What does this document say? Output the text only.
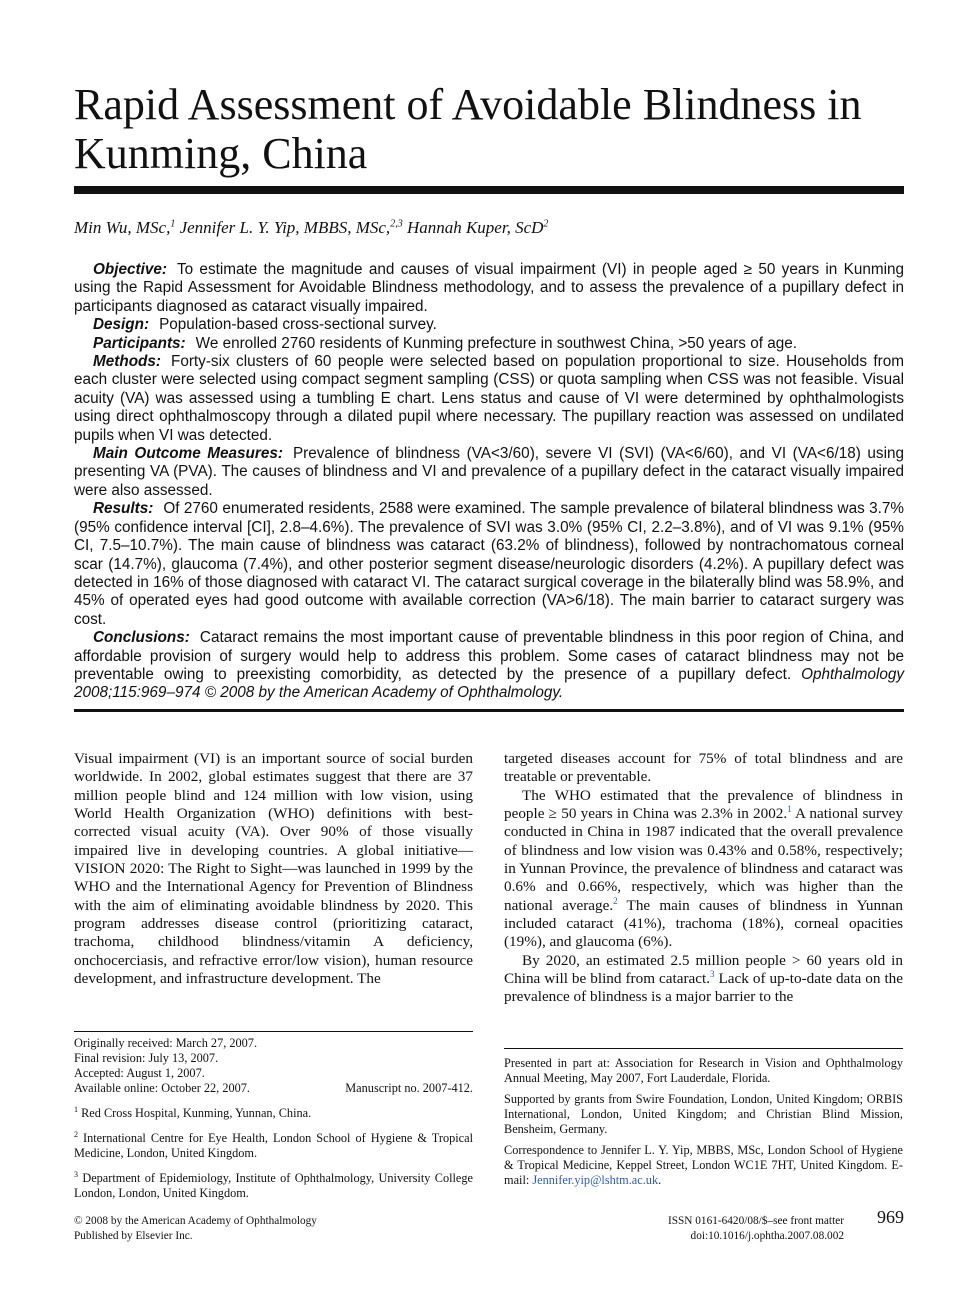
Rapid Assessment of Avoidable Blindness in Kunming, China
Min Wu, MSc,$^1$ Jennifer L. Y. Yip, MBBS, MSc,$^{2,3}$ Hannah Kuper, ScD$^2$

Objective: To estimate the magnitude and causes of visual impairment (VI) in people aged ≥ 50 years in Kunming using the Rapid Assessment for Avoidable Blindness methodology, and to assess the prevalence of a pupillary defect in participants diagnosed as cataract visually impaired.

Design: Population-based cross-sectional survey.

Participants: We enrolled 2760 residents of Kunming prefecture in southwest China, >50 years of age.

Methods: Forty-six clusters of 60 people were selected based on population proportional to size. Households from each cluster were selected using compact segment sampling (CSS) or quota sampling when CSS was not feasible. Visual acuity (VA) was assessed using a tumbling E chart. Lens status and cause of VI were determined by ophthalmologists using direct ophthalmoscopy through a dilated pupil where necessary. The pupillary reaction was assessed on undilated pupils when VI was detected.

Main Outcome Measures: Prevalence of blindness (VA<3/60), severe VI (SVI) (VA<6/60), and VI (VA<6/18) using presenting VA (PVA). The causes of blindness and VI and prevalence of a pupillary defect in the cataract visually impaired were also assessed.

Results: Of 2760 enumerated residents, 2588 were examined. The sample prevalence of bilateral blindness was 3.7% (95% confidence interval [CI], 2.8–4.6%). The prevalence of SVI was 3.0% (95% CI, 2.2–3.8%), and of VI was 9.1% (95% CI, 7.5–10.7%). The main cause of blindness was cataract (63.2% of blindness), followed by nontrachomatous corneal scar (14.7%), glaucoma (7.4%), and other posterior segment disease/neurologic disorders (4.2%). A pupillary defect was detected in 16% of those diagnosed with cataract VI. The cataract surgical coverage in the bilaterally blind was 58.9%, and 45% of operated eyes had good outcome with available correction (VA>6/18). The main barrier to cataract surgery was cost.

Conclusions: Cataract remains the most important cause of preventable blindness in this poor region of China, and affordable provision of surgery would help to address this problem. Some cases of cataract blindness may not be preventable owing to preexisting comorbidity, as detected by the presence of a pupillary defect. Ophthalmology 2008;115:969–974 © 2008 by the American Academy of Ophthalmology.

Visual impairment (VI) is an important source of social burden worldwide. In 2002, global estimates suggest that there are 37 million people blind and 124 million with low vision, using World Health Organization (WHO) definitions with best-corrected visual acuity (VA). Over 90% of those visually impaired live in developing countries. A global initiative—VISION 2020: The Right to Sight—was launched in 1999 by the WHO and the International Agency for Prevention of Blindness with the aim of eliminating avoidable blindness by 2020. This program addresses disease control (prioritizing cataract, trachoma, childhood blindness/vitamin A deficiency, onchocerciasis, and refractive error/low vision), human resource development, and infrastructure development. The

targeted diseases account for 75% of total blindness and are treatable or preventable.

The WHO estimated that the prevalence of blindness in people ≥ 50 years in China was 2.3% in 2002.$^1$ A national survey conducted in China in 1987 indicated that the overall prevalence of blindness and low vision was 0.43% and 0.58%, respectively; in Yunnan Province, the prevalence of blindness and cataract was 0.6% and 0.66%, respectively, which was higher than the national average.$^2$ The main causes of blindness in Yunnan included cataract (41%), trachoma (18%), corneal opacities (19%), and glaucoma (6%).

By 2020, an estimated 2.5 million people > 60 years old in China will be blind from cataract.$^3$ Lack of up-to-date data on the prevalence of blindness is a major barrier to the

Originally received: March 27, 2007.

Final revision: July 13, 2007.

Accepted: August 1, 2007.

Available online: October 22, 2007.	Manuscript no. 2007-412.

$^1$ Red Cross Hospital, Kunming, Yunnan, China.

$^2$ International Centre for Eye Health, London School of Hygiene & Tropical Medicine, London, United Kingdom.

$^3$ Department of Epidemiology, Institute of Ophthalmology, University College London, London, United Kingdom.

Presented in part at: Association for Research in Vision and Ophthalmology Annual Meeting, May 2007, Fort Lauderdale, Florida.

Supported by grants from Swire Foundation, London, United Kingdom; ORBIS International, London, United Kingdom; and Christian Blind Mission, Bensheim, Germany.

Correspondence to Jennifer L. Y. Yip, MBBS, MSc, London School of Hygiene & Tropical Medicine, Keppel Street, London WC1E 7HT, United Kingdom. E-mail: Jennifer.yip@lshtm.ac.uk.

© 2008 by the American Academy of Ophthalmology
Published by Elsevier Inc.
ISSN 0161-6420/08/$–see front matter
doi:10.1016/j.ophtha.2007.08.002
969
